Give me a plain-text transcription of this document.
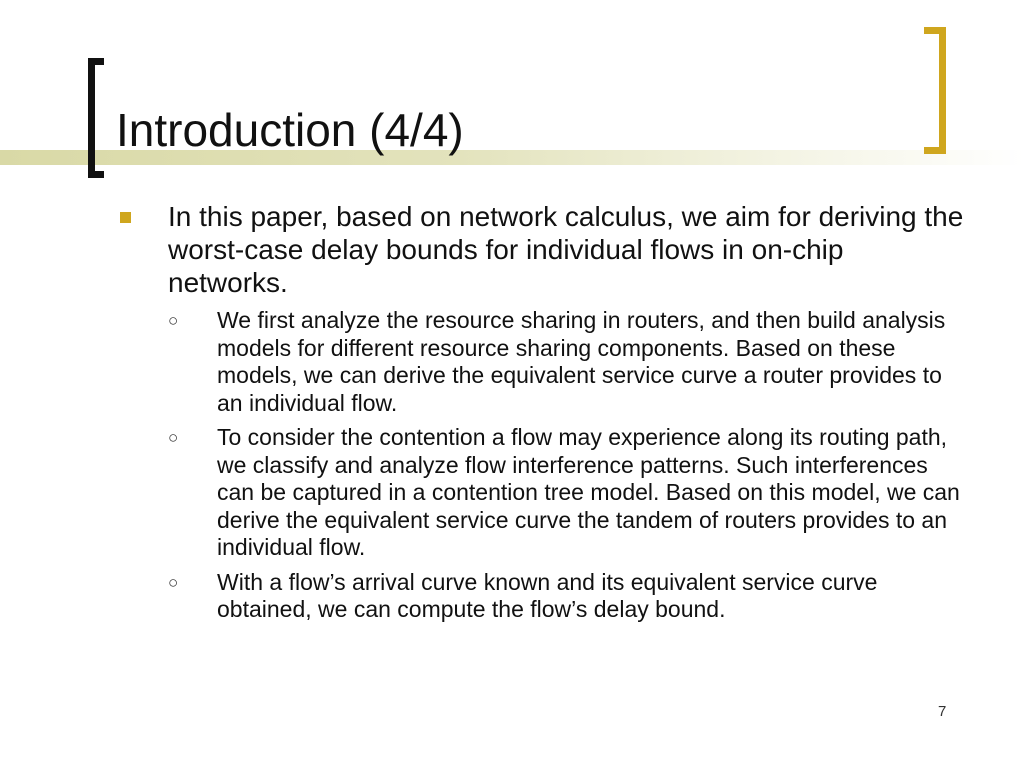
Introduction (4/4)
In this paper, based on network calculus, we aim for deriving the worst-case delay bounds for individual flows in on-chip networks.
○ We first analyze the resource sharing in routers, and then build analysis models for different resource sharing components. Based on these models, we can derive the equivalent service curve a router provides to an individual flow.
○ To consider the contention a flow may experience along its routing path, we classify and analyze flow interference patterns. Such interferences can be captured in a contention tree model. Based on this model, we can derive the equivalent service curve the tandem of routers provides to an individual flow.
○ With a flow’s arrival curve known and its equivalent service curve obtained, we can compute the flow’s delay bound.
7
